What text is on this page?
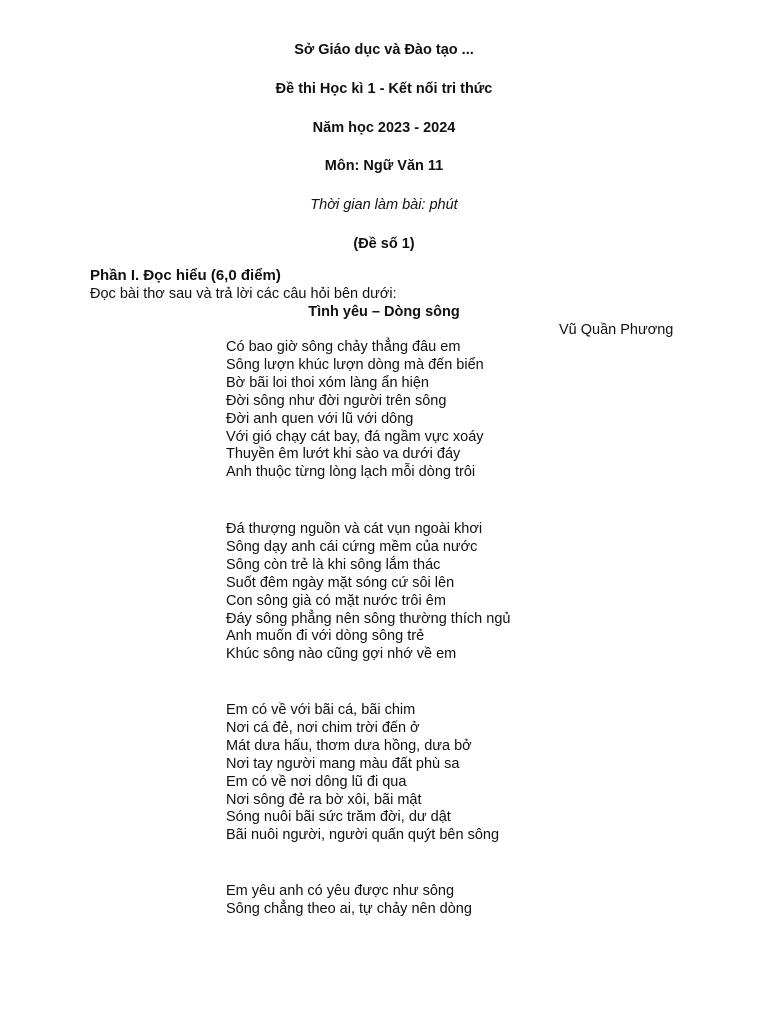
Sở Giáo dục và Đào tạo ...
Đề thi Học kì 1 - Kết nối tri thức
Năm học 2023 - 2024
Môn: Ngữ Văn 11
Thời gian làm bài: phút
(Đề số 1)
Phần I. Đọc hiểu (6,0 điểm)
Đọc bài thơ sau và trả lời các câu hỏi bên dưới:
Tình yêu – Dòng sông
Vũ Quần Phương
Có bao giờ sông chảy thẳng đâu em
Sông lượn khúc lượn dòng mà đến biển
Bờ bãi loi thoi xóm làng ẩn hiện
Đời sông như đời người trên sông
Đời anh quen với lũ với dông
Với gió chạy cát bay, đá ngầm vực xoáy
Thuyền êm lướt khi sào va dưới đáy
Anh thuộc từng lòng lạch mỗi dòng trôi
Đá thượng nguồn và cát vụn ngoài khơi
Sông dạy anh cái cứng mềm của nước
Sông còn trẻ là khi sông lắm thác
Suốt đêm ngày mặt sóng cứ sôi lên
Con sông già có mặt nước trôi êm
Đáy sông phẳng nên sông thường thích ngủ
Anh muốn đi với dòng sông trẻ
Khúc sông nào cũng gợi nhớ về em
Em có về với bãi cá, bãi chim
Nơi cá đẻ, nơi chim trời đến ở
Mát dưa hấu, thơm dưa hồng, dưa bở
Nơi tay người mang màu đất phù sa
Em có về nơi dông lũ đi qua
Nơi sông đẻ ra bờ xôi, bãi mật
Sóng nuôi bãi sức trăm đời, dư dật
Bãi nuôi người, người quấn quýt bên sông
Em yêu anh có yêu được như sông
Sông chẳng theo ai, tự chảy nên dòng
